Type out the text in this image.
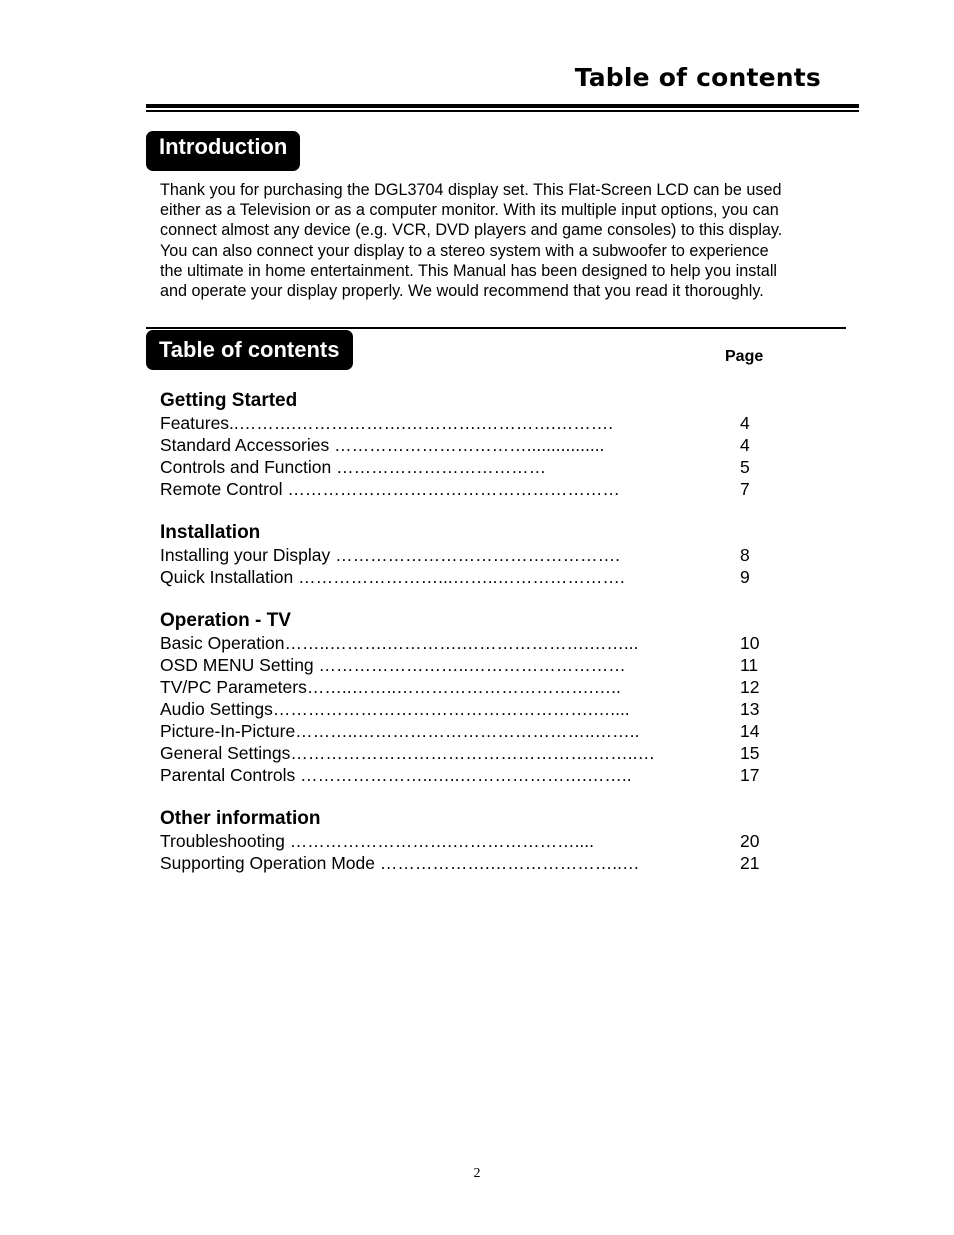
Table of contents
Introduction

Thank you for purchasing the DGL3704 display set. This Flat-Screen LCD can be used
either as a Television or as a computer monitor. With its multiple input options, you can
connect almost any device (e.g. VCR, DVD players and game consoles) to this display.
You can also connect your display to a stereo system with a subwoofer to experience
the ultimate in home entertainment. This Manual has been designed to help you install
and operate your display properly. We would recommend that you read it thoroughly.

Table of contents	Page
Getting Started
Features..……….……………….………….………….……….	4
Standard Accessories ……………………………................	4
Controls and Function ………………………………	5
Remote Control …………………………………………………	7
Installation
Installing your Display ………………………………………….	8
Quick Installation ……………………...……..………………….	9
Operation - TV
Basic Operation……..……….………….………………….……...	10
OSD MENU Setting ……………………..………………………	11
TV/PC Parameters……..……..…………………………….…..	12
Audio Settings……………………………………………….…....	13
Picture-In-Picture………..…………………………………..……..	14
General Settings…………………………………………….……..…	15
Parental Controls …………………..…..………………….……..	17
Other information
Troubleshooting ……………………….…………………....	20
Supporting Operation Mode ……………….…………………..…	21
2
